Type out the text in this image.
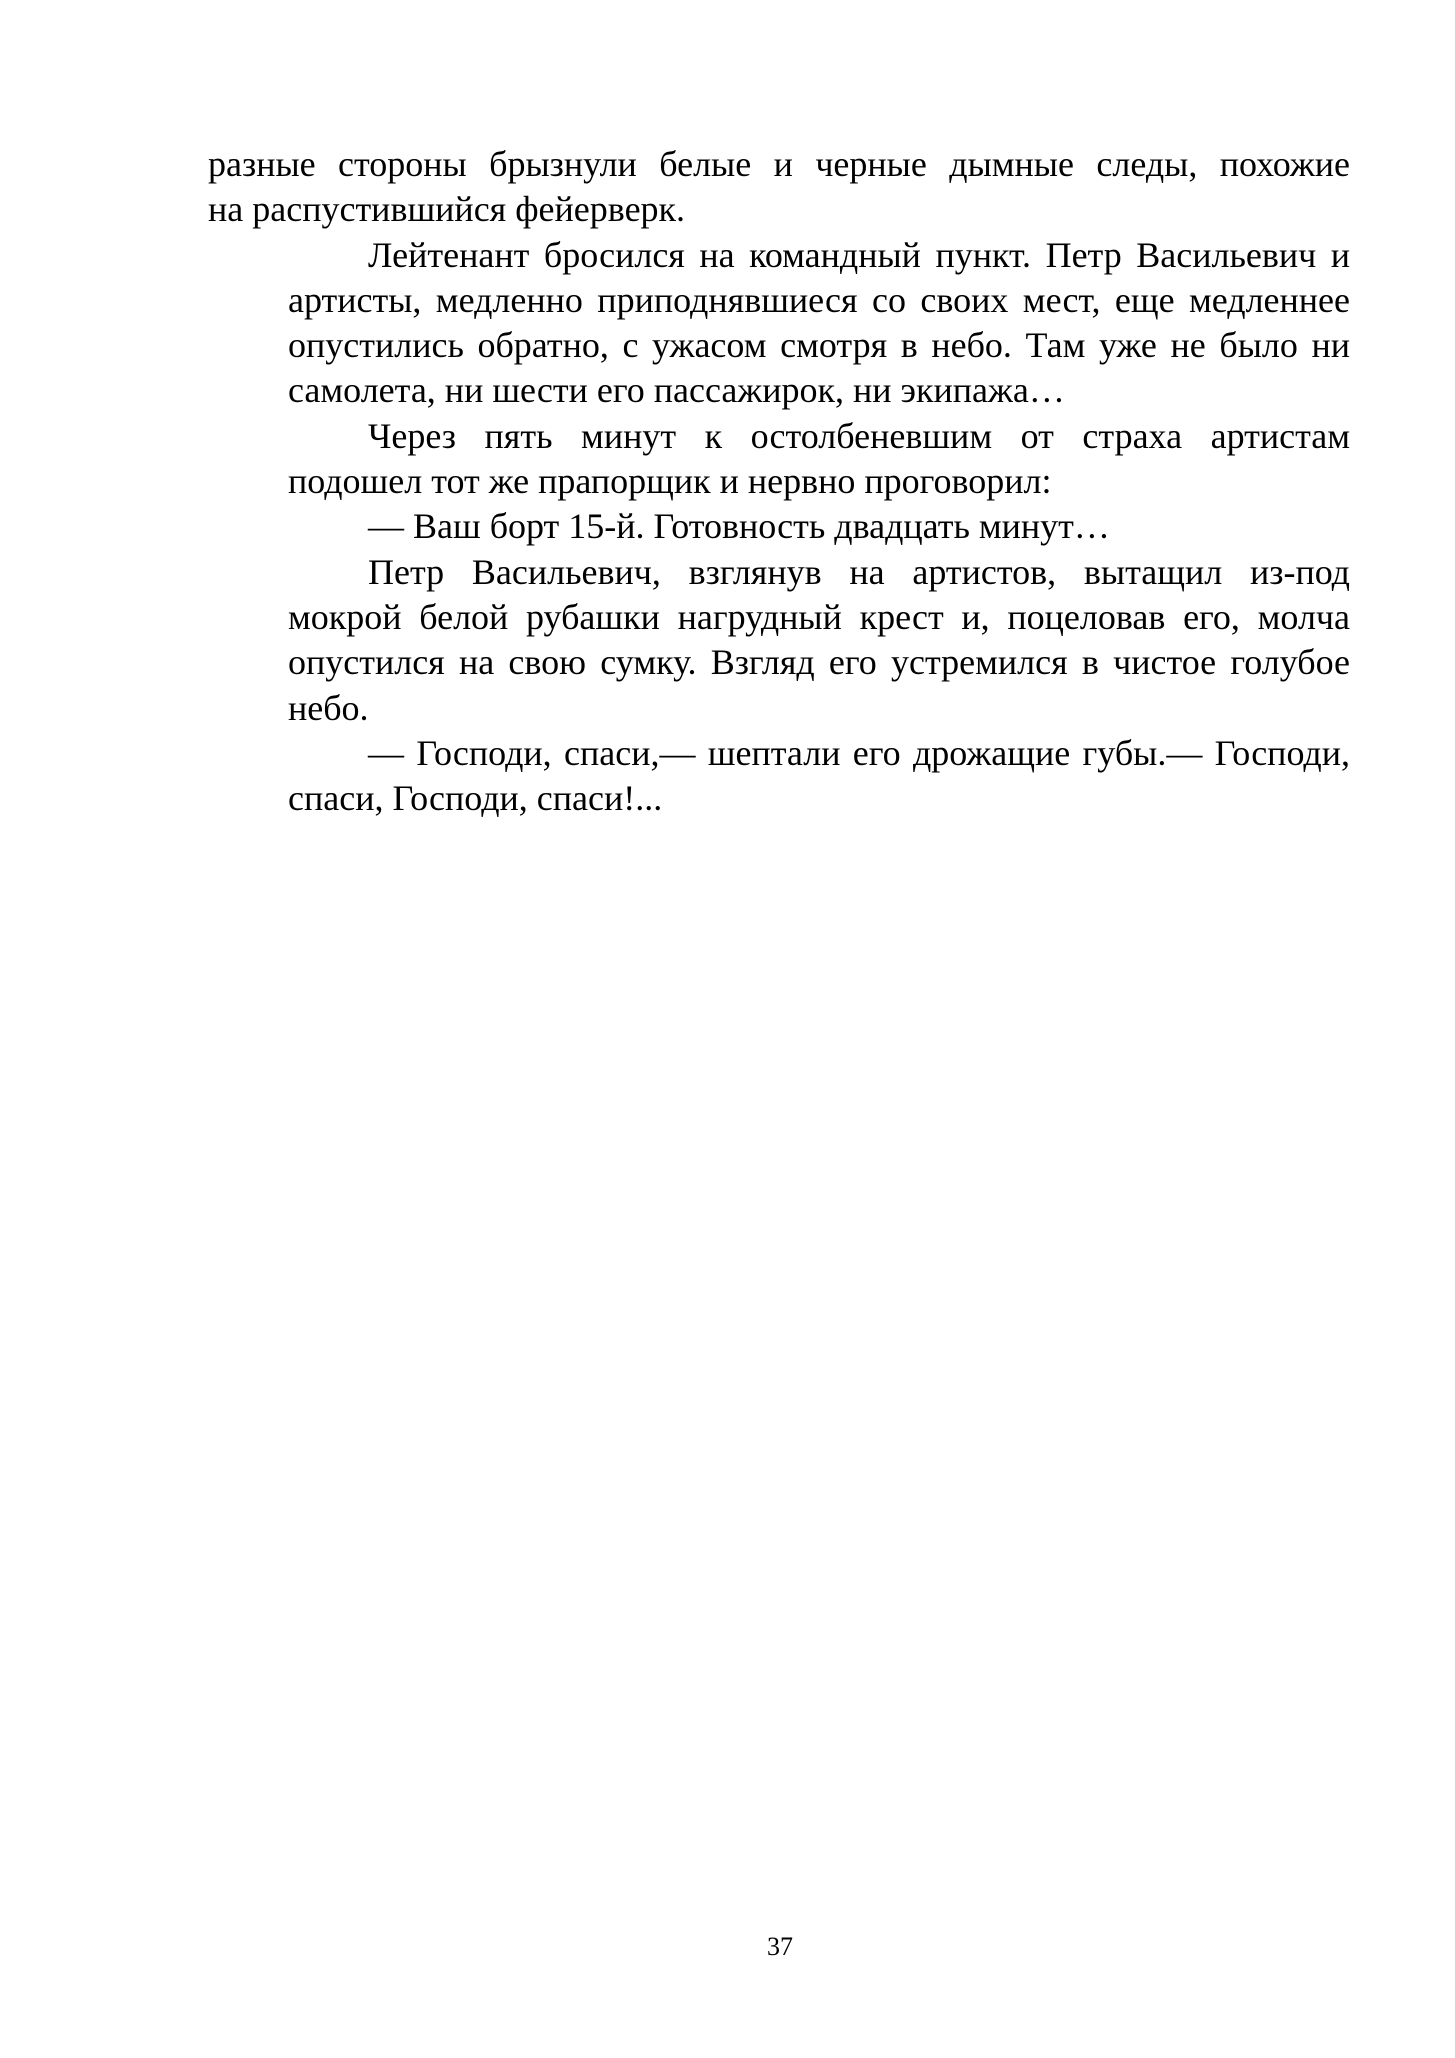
разные стороны брызнули белые и черные дымные следы, похожие
на распустившийся фейерверк.
Лейтенант бросился на командный пункт. Петр Васильевич и
артисты, медленно приподнявшиеся со своих мест, еще медленнее
опустились обратно, с ужасом смотря в небо. Там уже не было ни
самолета, ни шести его пассажирок, ни экипажа…
Через пять минут к остолбеневшим от страха артистам
подошел тот же прапорщик и нервно проговорил:
— Ваш борт 15-й. Готовность двадцать минут…
Петр Васильевич, взглянув на артистов, вытащил из-под
мокрой белой рубашки нагрудный крест и, поцеловав его, молча
опустился на свою сумку. Взгляд его устремился в чистое голубое
небо.
— Господи, спаси,— шептали его дрожащие губы.— Господи,
спаси, Господи, спаси!...
37
